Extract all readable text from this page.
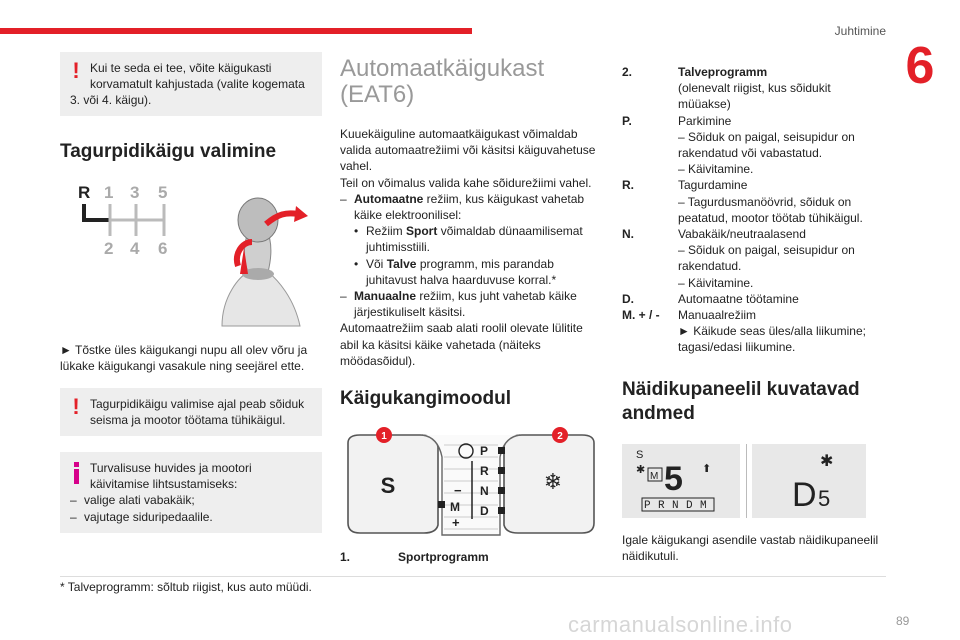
Juhtimine
6
! Kui te seda ei tee, võite käigukasti korvamatult kahjustada (valite kogemata
3. või 4. käigu).
Tagurpidikäigu valimine
R 1 3 5
2 4 6

► Tõstke üles käigukangi nupu all olev võru ja lükake käigukangi vasakule ning seejärel ette.

! Tagurpidikäigu valimise ajal peab sõiduk seisma ja mootor töötama tühikäigul.
Turvalisuse huvides ja mootori käivitamise lihtsustamiseks:
– valige alati vabakäik;
– vajutage siduripedaalile.
Automaatkäigukast
(EAT6)

Kuuekäiguline automaatkäigukast võimaldab valida automaatrežiimi või käsitsi käiguvahetuse vahel.

Teil on võimalus valida kahe sõidurežiimi vahel.

– Automaatne režiim, kus käigukast vahetab käike elektroonilisel:
• Režiim Sport võimaldab dünaamilisemat juhtimisstiili.
• Või Talve programm, mis parandab juhitavust halva haarduvuse korral.*
– Manuaalne režiim, kus juht vahetab käike järjestikuliselt käsitsi.

Automaatrežiim saab alati roolil olevate lülitite abil ka käsitsi käike vahetada (näiteks möödasõidul).

Käigukangimoodul
1	2
S	❄
P
R
N
D
−
M
+
1.	Sportprogramm
2.	Talveprogramm
(olenevalt riigist, kus sõidukit müüakse)
P.	Parkimine
– Sõiduk on paigal, seisupidur on rakendatud või vabastatud.
– Käivitamine.
R.	Tagurdamine
– Tagurdusmanöövrid, sõiduk on peatatud, mootor töötab tühikäigul.
N.	Vabakäik/neutraalasend
– Sõiduk on paigal, seisupidur on rakendatud.
– Käivitamine.
D.	Automaatne töötamine
M. + / -	Manuaalrežiim
► Käikude seas üles/alla liikumine; tagasi/edasi liikumine.
Näidikupaneelil kuvatavad andmed
S
✱
M 5 ⬆
P R N D M
✱
D 5

Igale käigukangi asendile vastab näidikupaneelil näidikutuli.

* Talveprogramm: sõltub riigist, kus auto müüdi.
carmanualsonline.info	89
